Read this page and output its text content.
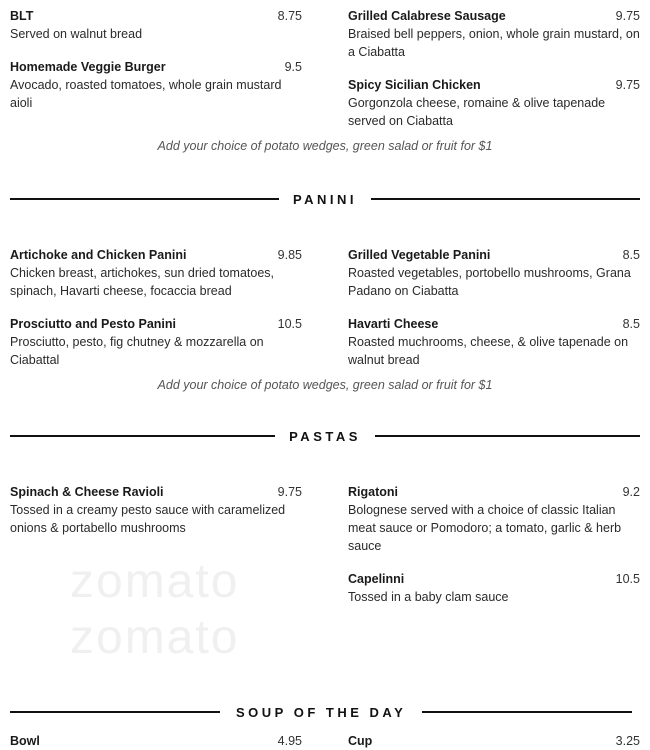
BLT	8.75
Served on walnut bread
Homemade Veggie Burger	9.5
Avocado, roasted tomatoes, whole grain mustard aioli
Grilled Calabrese Sausage	9.75
Braised bell peppers, onion, whole grain mustard, on a Ciabatta
Spicy Sicilian Chicken	9.75
Gorgonzola cheese, romaine & olive tapenade served on Ciabatta
Add your choice of potato wedges, green salad or fruit for $1
PANINI
Artichoke and Chicken Panini	9.85
Chicken breast, artichokes, sun dried tomatoes, spinach, Havarti cheese, focaccia bread
Prosciutto and Pesto Panini	10.5
Prosciutto, pesto, fig chutney & mozzarella on Ciabattal
Grilled Vegetable Panini	8.5
Roasted vegetables, portobello mushrooms, Grana Padano on Ciabatta
Havarti Cheese	8.5
Roasted muchrooms, cheese, & olive tapenade on walnut bread
Add your choice of potato wedges, green salad or fruit for $1
PASTAS
Spinach & Cheese Ravioli	9.75
Tossed in a creamy pesto sauce with caramelized onions & portabello mushrooms
zomato
zomato
Rigatoni	9.2
Bolognese served with a choice of classic Italian meat sauce or Pomodoro; a tomato, garlic & herb sauce
Capelinni	10.5
Tossed in a baby clam sauce
SOUP OF THE DAY
Bowl	4.95	Cup	3.25
